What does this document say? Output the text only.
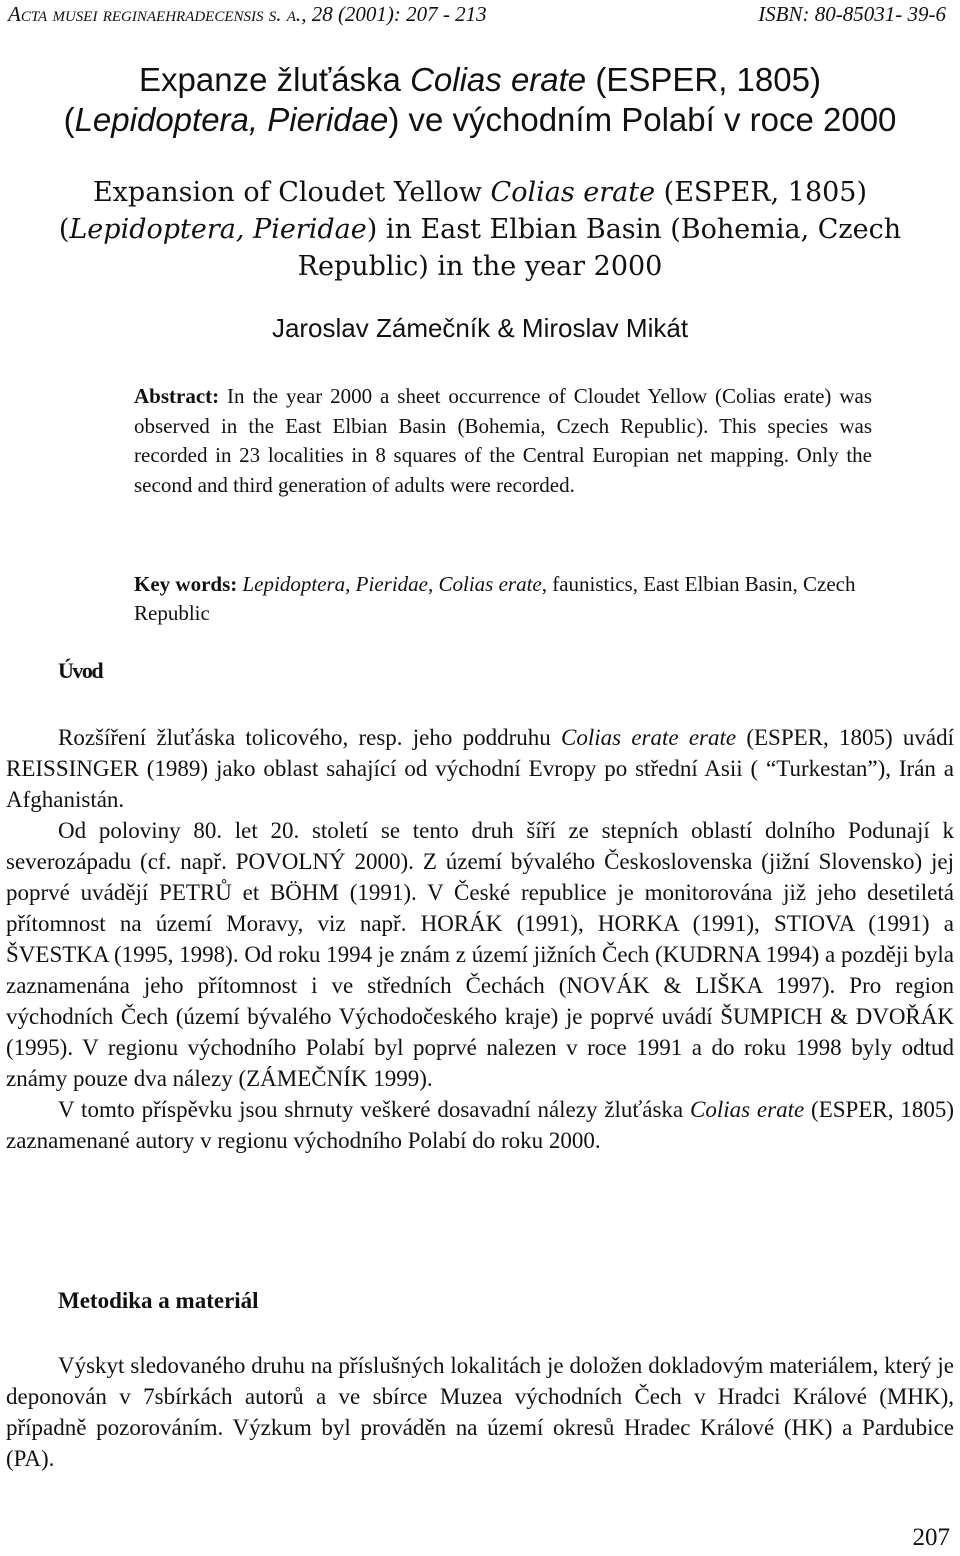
Acta musei reginaehradecensis s. a., 28 (2001): 207 - 213	ISBN: 80-85031- 39-6
Expanze žluťáska Colias erate (ESPER, 1805)
(Lepidoptera, Pieridae) ve východním Polabí v roce 2000
Expansion of Cloudet Yellow Colias erate (ESPER, 1805)
(Lepidoptera, Pieridae) in East Elbian Basin (Bohemia, Czech
Republic) in the year 2000
Jaroslav Zámečník & Miroslav Mikát
Abstract: In the year 2000 a sheet occurrence of Cloudet Yellow (Colias erate) was observed in the East Elbian Basin (Bohemia, Czech Republic). This species was recorded in 23 localities in 8 squares of the Central Europian net mapping. Only the second and third generation of adults were recorded.
Key words: Lepidoptera, Pieridae, Colias erate, faunistics, East Elbian Basin, Czech Republic
Úvod

Rozšíření žluťáska tolicového, resp. jeho poddruhu Colias erate erate (ESPER, 1805) uvádí REISSINGER (1989) jako oblast sahající od východní Evropy po střední Asii ( “Turkestan”), Irán a Afghanistán.

Od poloviny 80. let 20. století se tento druh šíří ze stepních oblastí dolního Podunají k severozápadu (cf. např. POVOLNÝ 2000). Z území bývalého Československa (jižní Slovensko) jej poprvé uvádějí PETRŮ et BÖHM (1991). V České republice je monitorována již jeho desetiletá přítomnost na území Moravy, viz např. HORÁK (1991), HORKA (1991), STIOVA (1991) a ŠVESTKA (1995, 1998). Od roku 1994 je znám z území jižních Čech (KUDRNA 1994) a později byla zaznamenána jeho přítomnost i ve středních Čechách (NOVÁK & LIŠKA 1997). Pro region východních Čech (území bývalého Východočeského kraje) je poprvé uvádí ŠUMPICH & DVOŘÁK (1995). V regionu východního Polabí byl poprvé nalezen v roce 1991 a do roku 1998 byly odtud známy pouze dva nálezy (ZÁMEČNÍK 1999).

V tomto příspěvku jsou shrnuty veškeré dosavadní nálezy žluťáska Colias erate (ESPER, 1805) zaznamenané autory v regionu východního Polabí do roku 2000.

Metodika a materiál

Výskyt sledovaného druhu na příslušných lokalitách je doložen dokladovým materiálem, který je deponován v 7sbírkách autorů a ve sbírce Muzea východních Čech v Hradci Králové (MHK), případně pozorováním. Výzkum byl prováděn na území okresů Hradec Králové (HK) a Pardubice (PA).

207
